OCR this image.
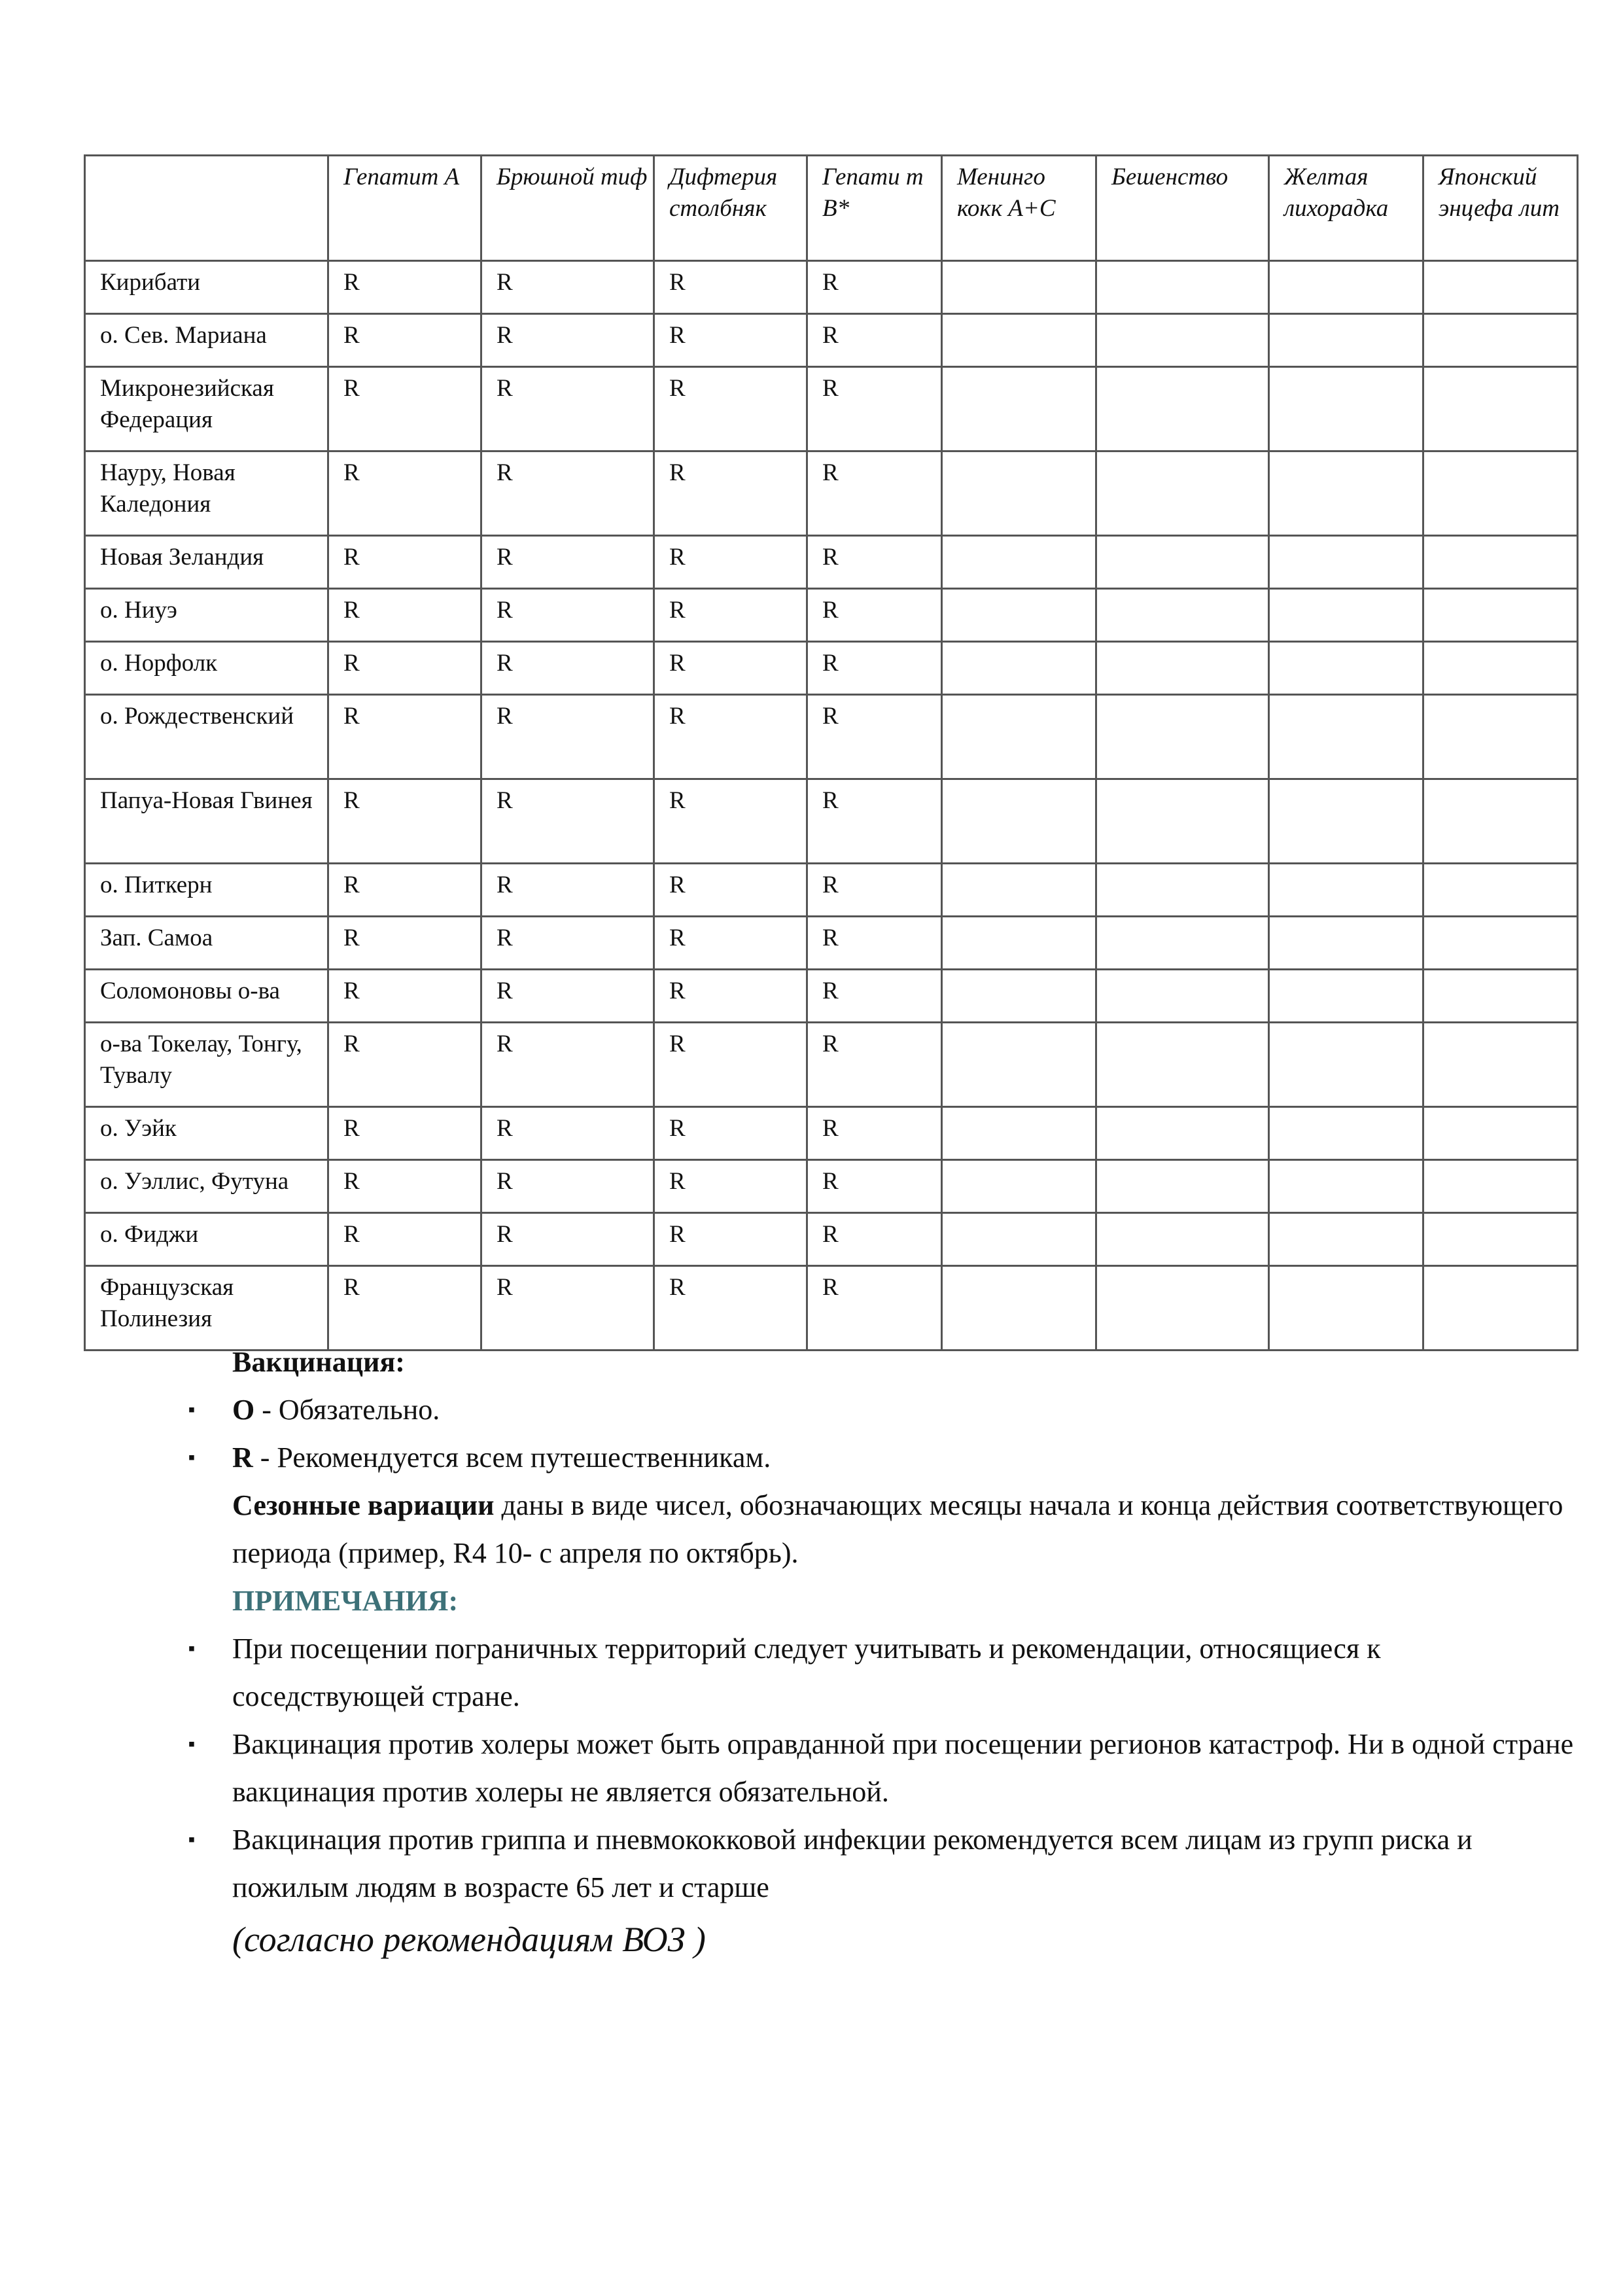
	Гепатит А	Брюшной тиф	Дифтерия столбняк	Гепати т В*	Менинго кокк А+С	Бешенство	Желтая лихорадка	Японский энцефа лит
Кирибати	R	R	R	R				
о. Сев. Мариана	R	R	R	R				
Микронезийская Федерация	R	R	R	R				
Науру, Новая Каледония	R	R	R	R				
Новая Зеландия	R	R	R	R				
о. Ниуэ	R	R	R	R				
о. Норфолк	R	R	R	R				
о. Рождественский	R	R	R	R				
Папуа-Новая Гвинея	R	R	R	R				
о. Питкерн	R	R	R	R				
Зап. Самоа	R	R	R	R				
Соломоновы о-ва	R	R	R	R				
о-ва Токелау, Тонгу, Тувалу	R	R	R	R				
о. Уэйк	R	R	R	R				
о. Уэллис, Футуна	R	R	R	R				
о. Фиджи	R	R	R	R				
Французская Полинезия	R	R	R	R				

Вакцинация:

▪ O - Обязательно.

▪ R - Рекомендуется всем путешественникам.

Сезонные вариации даны в виде чисел, обозначающих месяцы начала и конца действия соответствующего периода (пример, R4 10- с апреля по октябрь).

ПРИМЕЧАНИЯ:

▪ При посещении пограничных территорий следует учитывать и рекомендации, относящиеся к соседствующей стране.

▪ Вакцинация против холеры может быть оправданной при посещении регионов катастроф. Ни в одной стране вакцинация против холеры не является обязательной.

▪ Вакцинация против гриппа и пневмококковой инфекции рекомендуется всем лицам из групп риска и пожилым людям в возрасте 65 лет и старше

(согласно рекомендациям ВОЗ )
